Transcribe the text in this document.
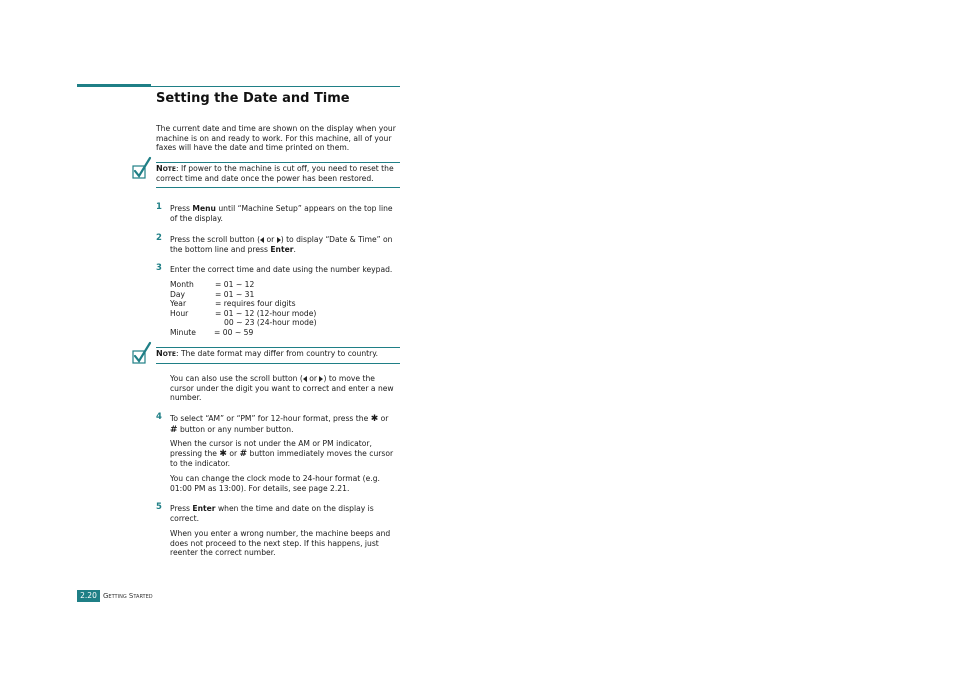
Setting the Date and Time
The current date and time are shown on the display when your machine is on and ready to work. For this machine, all of your faxes will have the date and time printed on them.
Note: If power to the machine is cut off, you need to reset the correct time and date once the power has been restored.
1 Press Menu until “Machine Setup” appears on the top line of the display.
2 Press the scroll button ( or ) to display “Date & Time” on the bottom line and press Enter.
3 Enter the correct time and date using the number keypad.
Month	= 01 ~ 12
Day	= 01 ~ 31
Year	= requires four digits
Hour	= 01 ~ 12 (12-hour mode)
00 ~ 23 (24-hour mode)
Minute = 00 ~ 59
Note: The date format may differ from country to country.
You can also use the scroll button ( or ) to move the cursor under the digit you want to correct and enter a new number.
4 To select “AM” or “PM” for 12-hour format, press the ✱ or
# button or any number button.
When the cursor is not under the AM or PM indicator, pressing the ✱ or # button immediately moves the cursor to the indicator.
You can change the clock mode to 24-hour format (e.g. 01:00 PM as 13:00). For details, see page 2.21.
5 Press Enter when the time and date on the display is correct.
When you enter a wrong number, the machine beeps and does not proceed to the next step. If this happens, just reenter the correct number.
2.20 Getting Started
